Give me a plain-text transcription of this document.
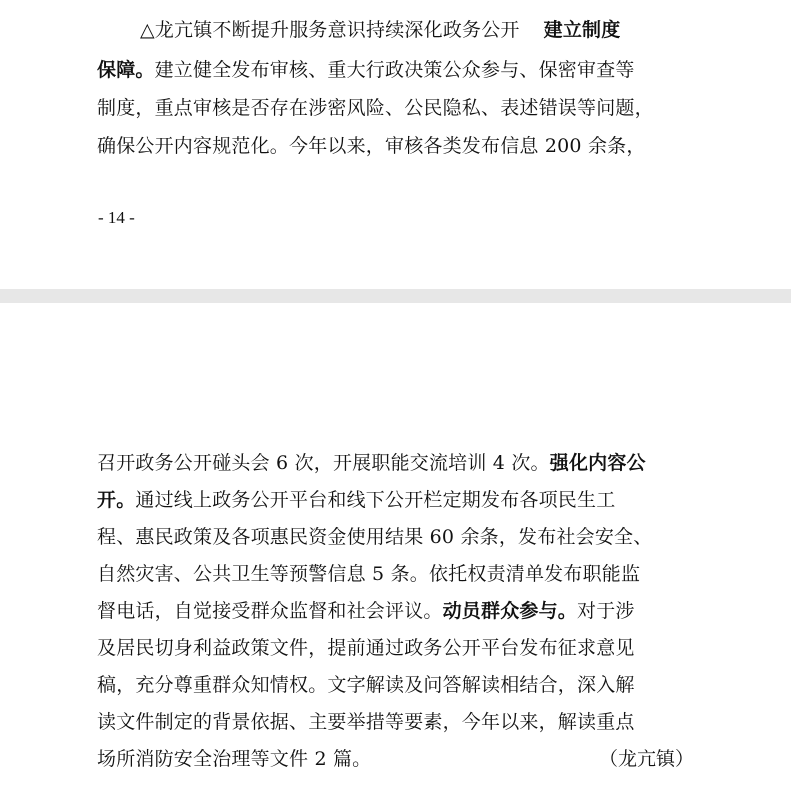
△龙亢镇不断提升服务意识持续深化政务公开 建立制度
保障。建立健全发布审核、重大行政决策公众参与、保密审查等
制度，重点审核是否存在涉密风险、公民隐私、表述错误等问题，
确保公开内容规范化。今年以来，审核各类发布信息 200 余条，
- 14 -
召开政务公开碰头会 6 次，开展职能交流培训 4 次。强化内容公
开。通过线上政务公开平台和线下公开栏定期发布各项民生工
程、惠民政策及各项惠民资金使用结果 60 余条，发布社会安全、
自然灾害、公共卫生等预警信息 5 条。依托权责清单发布职能监
督电话，自觉接受群众监督和社会评议。动员群众参与。对于涉
及居民切身利益政策文件，提前通过政务公开平台发布征求意见
稿，充分尊重群众知情权。文字解读及问答解读相结合，深入解
读文件制定的背景依据、主要举措等要素，今年以来，解读重点
场所消防安全治理等文件 2 篇。	（龙亢镇）
